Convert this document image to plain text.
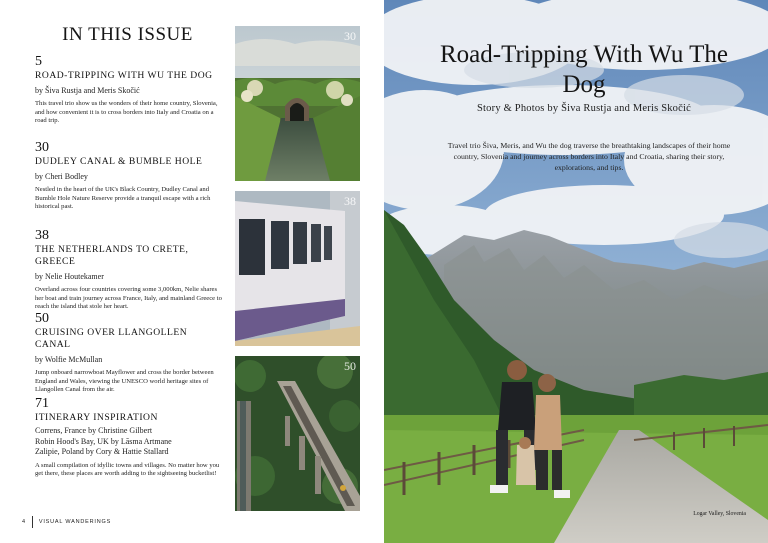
IN THIS ISSUE
5
ROAD-TRIPPING WITH WU THE DOG
by Šiva Rustja and Meris Skočić
This travel trio show us the wonders of their home country, Slovenia, and how convenient it is to cross borders into Italy and Croatia on a road trip.
30
DUDLEY CANAL & BUMBLE HOLE
by Cheri Bodley
Nestled in the heart of the UK's Black Country, Dudley Canal and Bumble Hole Nature Reserve provide a tranquil escape with a rich historical past.
38
THE NETHERLANDS TO CRETE, GREECE
by Nelie Houtekamer
Overland across four countries covering some 3,000km, Nelie shares her boat and train journey across France, Italy, and mainland Greece to reach the island that stole her heart.
50
CRUISING OVER LLANGOLLEN CANAL
by Wolfie McMullan
Jump onboard narrowboat Mayflower and cross the border between England and Wales, viewing the UNESCO world heritage sites of Llangollen Canal from the air.
71
ITINERARY INSPIRATION
Correns, France by Christine Gilbert
Robin Hood's Bay, UK by Lāsma Artmane
Zalipie, Poland by Cory & Hattie Stallard
A small compilation of idyllic towns and villages. No matter how you get there, these places are worth adding to the sightseeing bucketlist!
30
38
50
4 VISUAL WANDERINGS
Road-Tripping With Wu The Dog
Story & Photos by Šiva Rustja and Meris Skočić
Travel trio Šiva, Meris, and Wu the dog traverse the breathtaking landscapes of their home country, Slovenia and journey across borders into Italy and Croatia, sharing their story, explorations, and tips.
Logar Valley, Slovenia
